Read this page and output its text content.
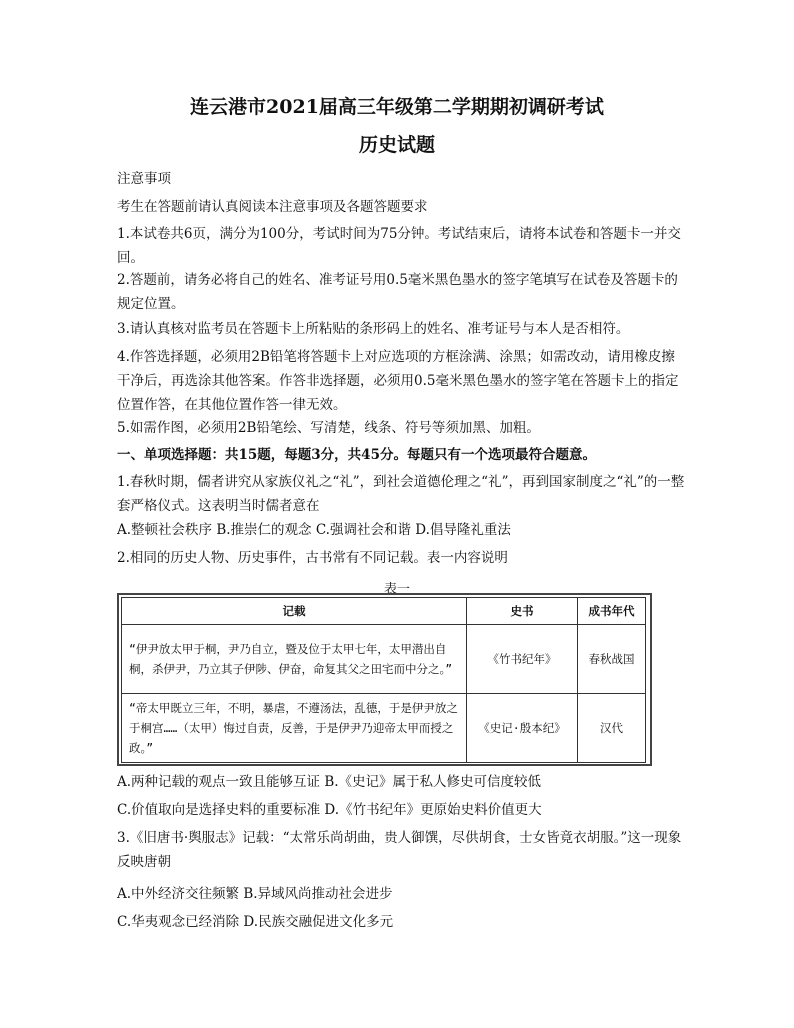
连云港市2021届高三年级第二学期期初调研考试
历史试题

注意事项

考生在答题前请认真阅读本注意事项及各题答题要求

1.本试卷共6页，满分为100分，考试时间为75分钟。考试结束后，请将本试卷和答题卡一并交回。

2.答题前，请务必将自己的姓名、准考证号用0.5毫米黑色墨水的签字笔填写在试卷及答题卡的规定位置。

3.请认真核对监考员在答题卡上所粘贴的条形码上的姓名、准考证号与本人是否相符。

4.作答选择题，必须用2B铅笔将答题卡上对应选项的方框涂满、涂黑；如需改动，请用橡皮擦干净后，再选涂其他答案。作答非选择题，必须用0.5毫米黑色墨水的签字笔在答题卡上的指定位置作答，在其他位置作答一律无效。

5.如需作图，必须用2B铅笔绘、写清楚，线条、符号等须加黑、加粗。

一、单项选择题：共15题，每题3分，共45分。每题只有一个选项最符合题意。

1.春秋时期，儒者讲究从家族仪礼之“礼”，到社会道德伦理之“礼”，再到国家制度之“礼”的一整套严格仪式。这表明当时儒者意在

A.整顿社会秩序 B.推崇仁的观念 C.强调社会和谐 D.倡导隆礼重法

2.相同的历史人物、历史事件，古书常有不同记载。表一内容说明

表一
记载	史书	成书年代
“伊尹放太甲于桐，尹乃自立，暨及位于太甲七年，太甲潜出自桐，杀伊尹，乃立其子伊陟、伊奋，命复其父之田宅而中分之。”	《竹书纪年》	春秋战国
“帝太甲既立三年，不明，暴虐，不遵汤法，乱德，于是伊尹放之于桐宫……（太甲）悔过自责，反善，于是伊尹乃迎帝太甲而授之政。”	《史记·殷本纪》	汉代

A.两种记载的观点一致且能够互证 B.《史记》属于私人修史可信度较低

C.价值取向是选择史料的重要标准 D.《竹书纪年》更原始史料价值更大

3.《旧唐书·舆服志》记载：“太常乐尚胡曲，贵人御馔，尽供胡食，士女皆竟衣胡服。”这一现象反映唐朝

A.中外经济交往频繁 B.异域风尚推动社会进步

C.华夷观念已经消除 D.民族交融促进文化多元
